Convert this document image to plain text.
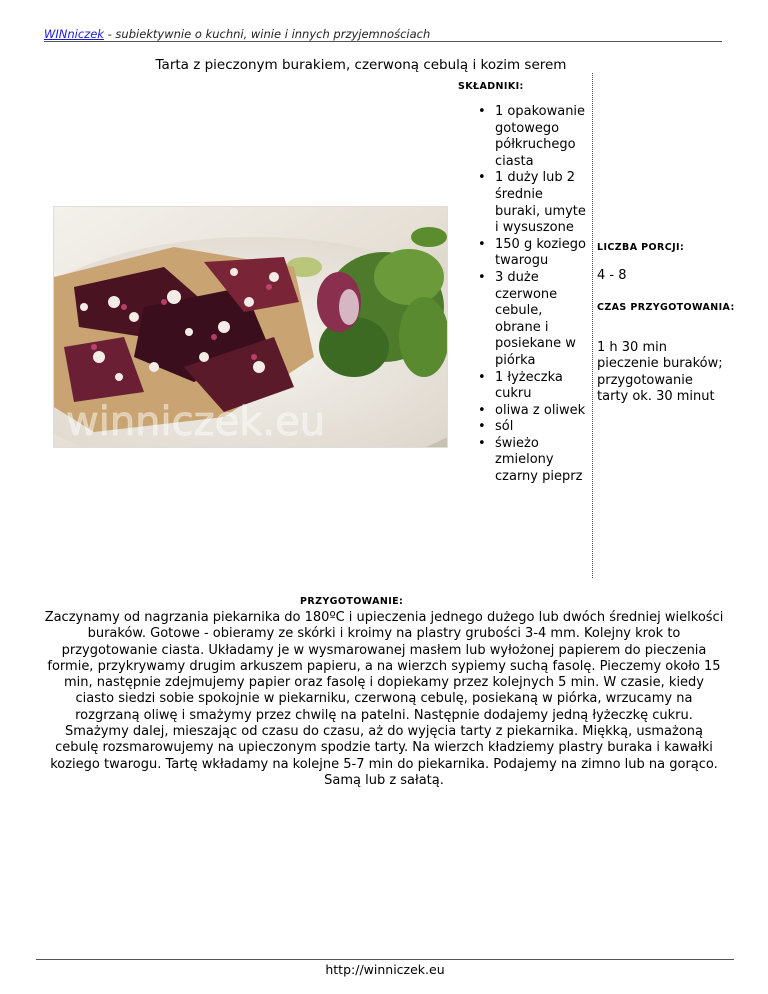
WINniczek - subiektywnie o kuchni, winie i innych przyjemnościach
Tarta z pieczonym burakiem, czerwoną cebulą i kozim serem
SKŁADNIKI:
winniczek.eu
• 1 opakowanie gotowego półkruchego ciasta
• 1 duży lub 2 średnie buraki, umyte i wysuszone
• 150 g koziego twarogu
• 3 duże czerwone cebule, obrane i posiekane w piórka
• 1 łyżeczka cukru
• oliwa z oliwek
• sól
• świeżo zmielony czarny pieprz
LICZBA PORCJI:
4 - 8
CZAS PRZYGOTOWANIA:
1 h 30 min pieczenie buraków; przygotowanie tarty ok. 30 minut
PRZYGOTOWANIE:
Zaczynamy od nagrzania piekarnika do 180ºC i upieczenia jednego dużego lub dwóch średniej wielkości buraków. Gotowe - obieramy ze skórki i kroimy na plastry grubości 3-4 mm. Kolejny krok to przygotowanie ciasta. Układamy je w wysmarowanej masłem lub wyłożonej papierem do pieczenia formie, przykrywamy drugim arkuszem papieru, a na wierzch sypiemy suchą fasolę. Pieczemy około 15 min, następnie zdejmujemy papier oraz fasolę i dopiekamy przez kolejnych 5 min. W czasie, kiedy ciasto siedzi sobie spokojnie w piekarniku, czerwoną cebulę, posiekaną w piórka, wrzucamy na rozgrzaną oliwę i smażymy przez chwilę na patelni. Następnie dodajemy jedną łyżeczkę cukru. Smażymy dalej, mieszając od czasu do czasu, aż do wyjęcia tarty z piekarnika. Miękką, usmażoną cebulę rozsmarowujemy na upieczonym spodzie tarty. Na wierzch kładziemy plastry buraka i kawałki koziego twarogu. Tartę wkładamy na kolejne 5-7 min do piekarnika. Podajemy na zimno lub na gorąco. Samą lub z sałatą.
http://winniczek.eu
